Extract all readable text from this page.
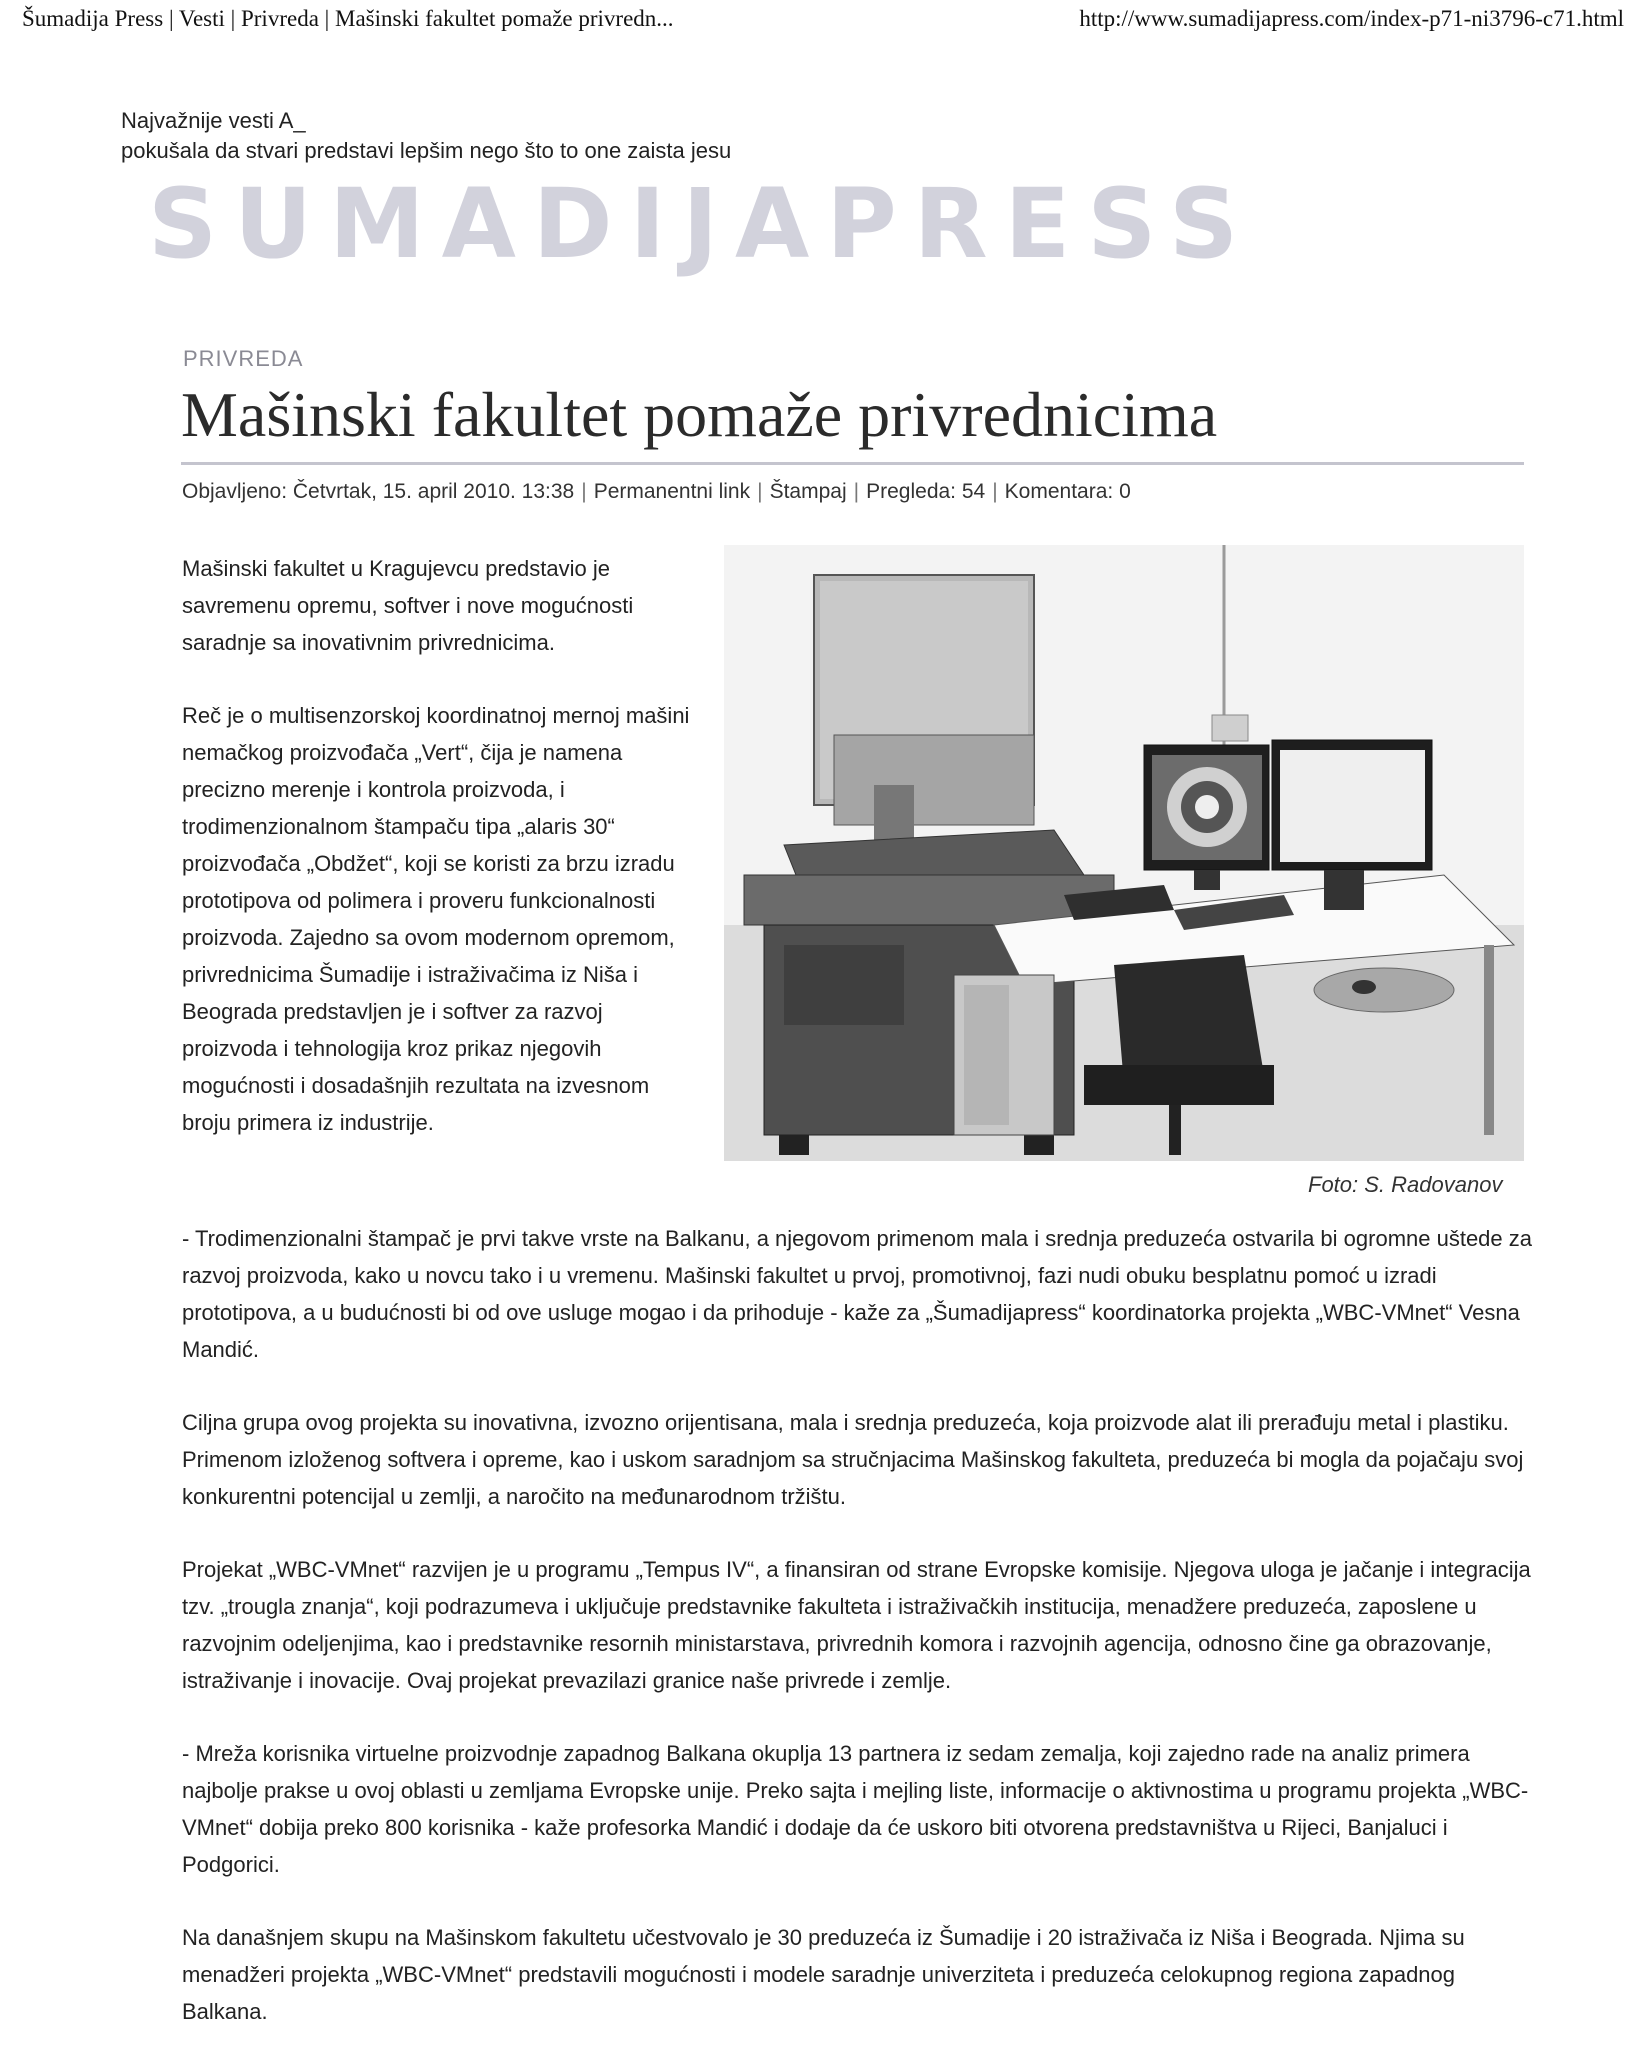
Šumadija Press | Vesti | Privreda | Mašinski fakultet pomaže privredn...	http://www.sumadijapress.com/index-p71-ni3796-c71.html
Najvažnije vesti A_
pokušala da stvari predstavi lepšim nego što to one zaista jesu
SUMADIJAPRESS
PRIVREDA
Mašinski fakultet pomaže privrednicima
Objavljeno: Četvrtak, 15. april 2010. 13:38 | Permanentni link | Štampaj | Pregleda: 54 | Komentara: 0

Mašinski fakultet u Kragujevcu predstavio je savremenu opremu, softver i nove mogućnosti saradnje sa inovativnim privrednicima.

Reč je o multisenzorskoj koordinatnoj mernoj mašini nemačkog proizvođača „Vert“, čija je namena precizno merenje i kontrola proizvoda, i trodimenzionalnom štampaču tipa „alaris 30“ proizvođača „Obdžet“, koji se koristi za brzu izradu prototipova od polimera i proveru funkcionalnosti proizvoda. Zajedno sa ovom modernom opremom, privrednicima Šumadije i istraživačima iz Niša i Beograda predstavljen je i softver za razvoj proizvoda i tehnologija kroz prikaz njegovih mogućnosti i dosadašnjih rezultata na izvesnom broju primera iz industrije.

Foto: S. Radovanov

- Trodimenzionalni štampač je prvi takve vrste na Balkanu, a njegovom primenom mala i srednja preduzeća ostvarila bi ogromne uštede za razvoj proizvoda, kako u novcu tako i u vremenu. Mašinski fakultet u prvoj, promotivnoj, fazi nudi obuku besplatnu pomoć u izradi prototipova, a u budućnosti bi od ove usluge mogao i da prihoduje - kaže za „Šumadijapress“ koordinatorka projekta „WBC-VMnet“ Vesna Mandić.

Ciljna grupa ovog projekta su inovativna, izvozno orijentisana, mala i srednja preduzeća, koja proizvode alat ili prerađuju metal i plastiku. Primenom izloženog softvera i opreme, kao i uskom saradnjom sa stručnjacima Mašinskog fakulteta, preduzeća bi mogla da pojačaju svoj konkurentni potencijal u zemlji, a naročito na međunarodnom tržištu.

Projekat „WBC-VMnet“ razvijen je u programu „Tempus IV“, a finansiran od strane Evropske komisije. Njegova uloga je jačanje i integracija tzv. „trougla znanja“, koji podrazumeva i uključuje predstavnike fakulteta i istraživačkih institucija, menadžere preduzeća, zaposlene u razvojnim odeljenjima, kao i predstavnike resornih ministarstava, privrednih komora i razvojnih agencija, odnosno čine ga obrazovanje, istraživanje i inovacije. Ovaj projekat prevazilazi granice naše privrede i zemlje.

- Mreža korisnika virtuelne proizvodnje zapadnog Balkana okuplja 13 partnera iz sedam zemalja, koji zajedno rade na analiz primera najbolje prakse u ovoj oblasti u zemljama Evropske unije. Preko sajta i mejling liste, informacije o aktivnostima u programu projekta „WBC-VMnet“ dobija preko 800 korisnika - kaže profesorka Mandić i dodaje da će uskoro biti otvorena predstavništva u Rijeci, Banjaluci i Podgorici.

Na današnjem skupu na Mašinskom fakultetu učestvovalo je 30 preduzeća iz Šumadije i 20 istraživača iz Niša i Beograda. Njima su menadžeri projekta „WBC-VMnet“ predstavili mogućnosti i modele saradnje univerziteta i preduzeća celokupnog regiona zapadnog Balkana.
